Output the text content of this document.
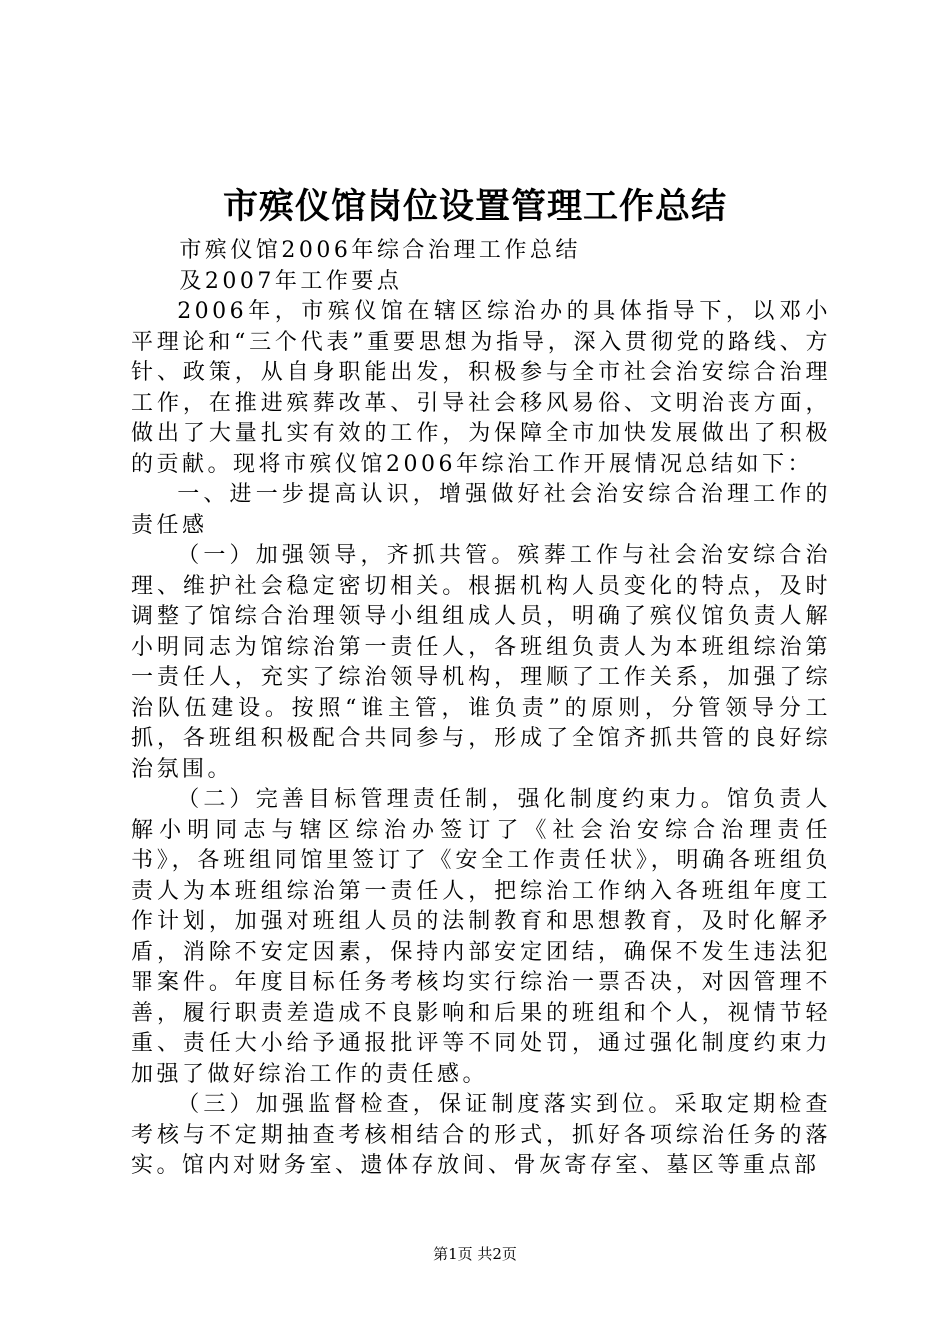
市殡仪馆岗位设置管理工作总结

市殡仪馆2006年综合治理工作总结

及2007年工作要点

2006年，市殡仪馆在辖区综治办的具体指导下，以邓小平理论和“三个代表”重要思想为指导，深入贯彻党的路线、方针、政策，从自身职能出发，积极参与全市社会治安综合治理工作，在推进殡葬改革、引导社会移风易俗、文明治丧方面，做出了大量扎实有效的工作，为保障全市加快发展做出了积极的贡献。现将市殡仪馆2006年综治工作开展情况总结如下：

一、进一步提高认识，增强做好社会治安综合治理工作的责任感

（一）加强领导，齐抓共管。殡葬工作与社会治安综合治理、维护社会稳定密切相关。根据机构人员变化的特点，及时调整了馆综合治理领导小组组成人员，明确了殡仪馆负责人解小明同志为馆综治第一责任人，各班组负责人为本班组综治第一责任人，充实了综治领导机构，理顺了工作关系，加强了综治队伍建设。按照“谁主管，谁负责”的原则，分管领导分工抓，各班组积极配合共同参与，形成了全馆齐抓共管的良好综治氛围。

（二）完善目标管理责任制，强化制度约束力。馆负责人解小明同志与辖区综治办签订了《社会治安综合治理责任书》，各班组同馆里签订了《安全工作责任状》，明确各班组负责人为本班组综治第一责任人，把综治工作纳入各班组年度工作计划，加强对班组人员的法制教育和思想教育，及时化解矛盾，消除不安定因素，保持内部安定团结，确保不发生违法犯罪案件。年度目标任务考核均实行综治一票否决，对因管理不善，履行职责差造成不良影响和后果的班组和个人，视情节轻重、责任大小给予通报批评等不同处罚，通过强化制度约束力加强了做好综治工作的责任感。

（三）加强监督检查，保证制度落实到位。采取定期检查考核与不定期抽查考核相结合的形式，抓好各项综治任务的落实。馆内对财务室、遗体存放间、骨灰寄存室、墓区等重点部

第1页 共2页
